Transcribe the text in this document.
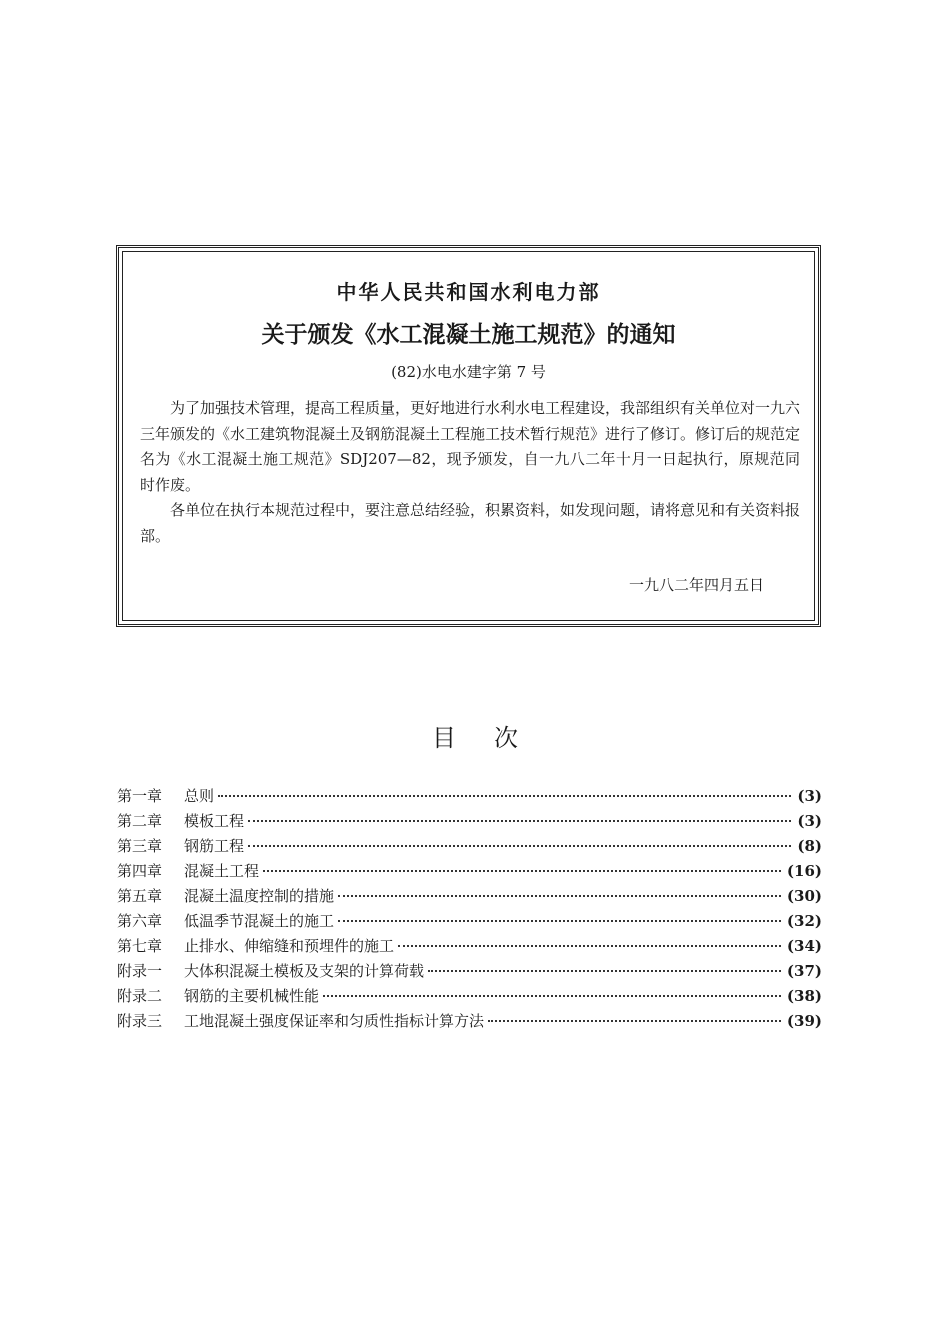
中华人民共和国水利电力部
关于颁发《水工混凝土施工规范》的通知
(82)水电水建字第 7 号

为了加强技术管理，提高工程质量，更好地进行水利水电工程建设，我部组织有关单位对一九六三年颁发的《水工建筑物混凝土及钢筋混凝土工程施工技术暂行规范》进行了修订。修订后的规范定名为《水工混凝土施工规范》SDJ207—82，现予颁发，自一九八二年十月一日起执行，原规范同时作废。

各单位在执行本规范过程中，要注意总结经验，积累资料，如发现问题，请将意见和有关资料报部。

一九八二年四月五日
目次
第一章	总则	(3)
第二章	模板工程	(3)
第三章	钢筋工程	(8)
第四章	混凝土工程	(16)
第五章	混凝土温度控制的措施	(30)
第六章	低温季节混凝土的施工	(32)
第七章	止排水、伸缩缝和预埋件的施工	(34)
附录一	大体积混凝土模板及支架的计算荷载	(37)
附录二	钢筋的主要机械性能	(38)
附录三	工地混凝土强度保证率和匀质性指标计算方法	(39)
